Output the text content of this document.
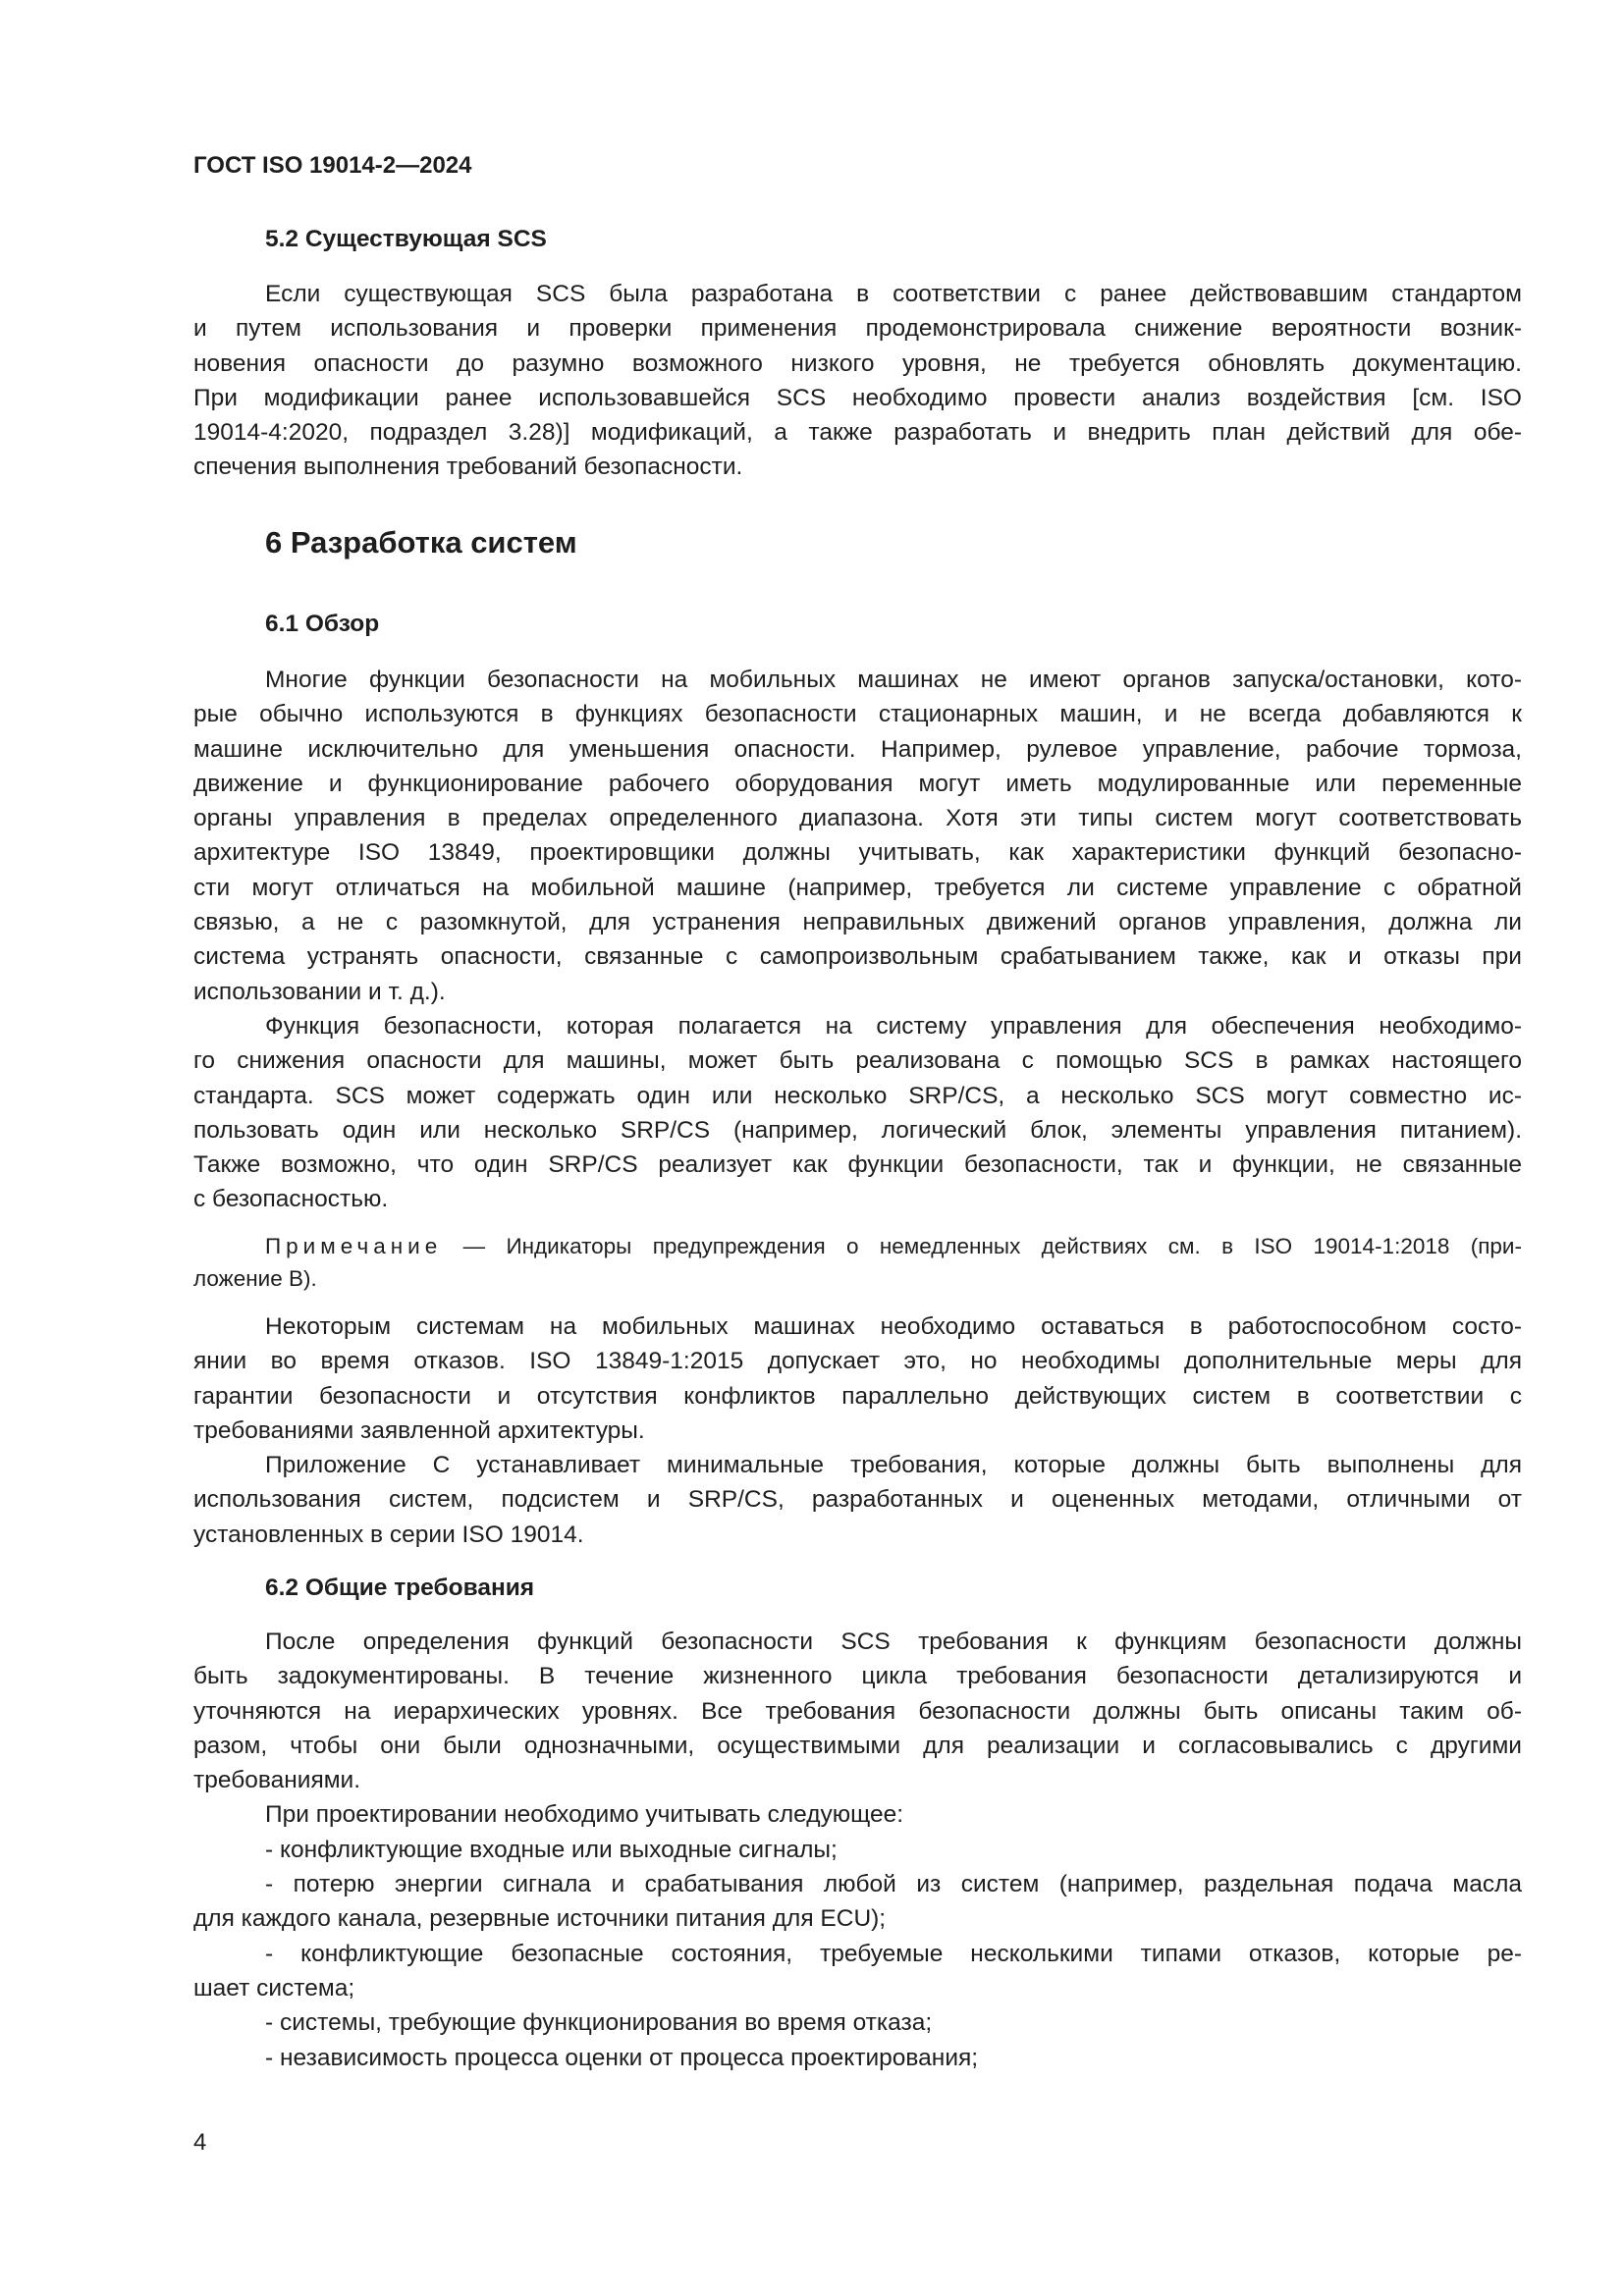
ГОСТ ISO 19014-2—2024
5.2 Существующая SCS
Если существующая SCS была разработана в соответствии с ранее действовавшим стандартом
и путем использования и проверки применения продемонстрировала снижение вероятности возник-
новения опасности до разумно возможного низкого уровня, не требуется обновлять документацию.
При модификации ранее использовавшейся SCS необходимо провести анализ воздействия [см. ISO
19014-4:2020, подраздел 3.28)] модификаций, а также разработать и внедрить план действий для обе-
спечения выполнения требований безопасности.
6 Разработка систем
6.1 Обзор
Многие функции безопасности на мобильных машинах не имеют органов запуска/остановки, кото-
рые обычно используются в функциях безопасности стационарных машин, и не всегда добавляются к
машине исключительно для уменьшения опасности. Например, рулевое управление, рабочие тормоза,
движение и функционирование рабочего оборудования могут иметь модулированные или переменные
органы управления в пределах определенного диапазона. Хотя эти типы систем могут соответствовать
архитектуре ISO 13849, проектировщики должны учитывать, как характеристики функций безопасно-
сти могут отличаться на мобильной машине (например, требуется ли системе управление с обратной
связью, а не с разомкнутой, для устранения неправильных движений органов управления, должна ли
система устранять опасности, связанные с самопроизвольным срабатыванием также, как и отказы при
использовании и т. д.).
Функция безопасности, которая полагается на систему управления для обеспечения необходимо-
го снижения опасности для машины, может быть реализована с помощью SCS в рамках настоящего
стандарта. SCS может содержать один или несколько SRP/CS, а несколько SCS могут совместно ис-
пользовать один или несколько SRP/CS (например, логический блок, элементы управления питанием).
Также возможно, что один SRP/CS реализует как функции безопасности, так и функции, не связанные
с безопасностью.
Примечание — Индикаторы предупреждения о немедленных действиях см. в ISO 19014-1:2018 (при-
ложение В).
Некоторым системам на мобильных машинах необходимо оставаться в работоспособном состо-
янии во время отказов. ISO 13849-1:2015 допускает это, но необходимы дополнительные меры для
гарантии безопасности и отсутствия конфликтов параллельно действующих систем в соответствии с
требованиями заявленной архитектуры.
Приложение С устанавливает минимальные требования, которые должны быть выполнены для
использования систем, подсистем и SRP/CS, разработанных и оцененных методами, отличными от
установленных в серии ISO 19014.
6.2 Общие требования
После определения функций безопасности SCS требования к функциям безопасности должны
быть задокументированы. В течение жизненного цикла требования безопасности детализируются и
уточняются на иерархических уровнях. Все требования безопасности должны быть описаны таким об-
разом, чтобы они были однозначными, осуществимыми для реализации и согласовывались с другими
требованиями.
При проектировании необходимо учитывать следующее:
- конфликтующие входные или выходные сигналы;
- потерю энергии сигнала и срабатывания любой из систем (например, раздельная подача масла
для каждого канала, резервные источники питания для ECU);
- конфликтующие безопасные состояния, требуемые несколькими типами отказов, которые ре-
шает система;
- системы, требующие функционирования во время отказа;
- независимость процесса оценки от процесса проектирования;
4
